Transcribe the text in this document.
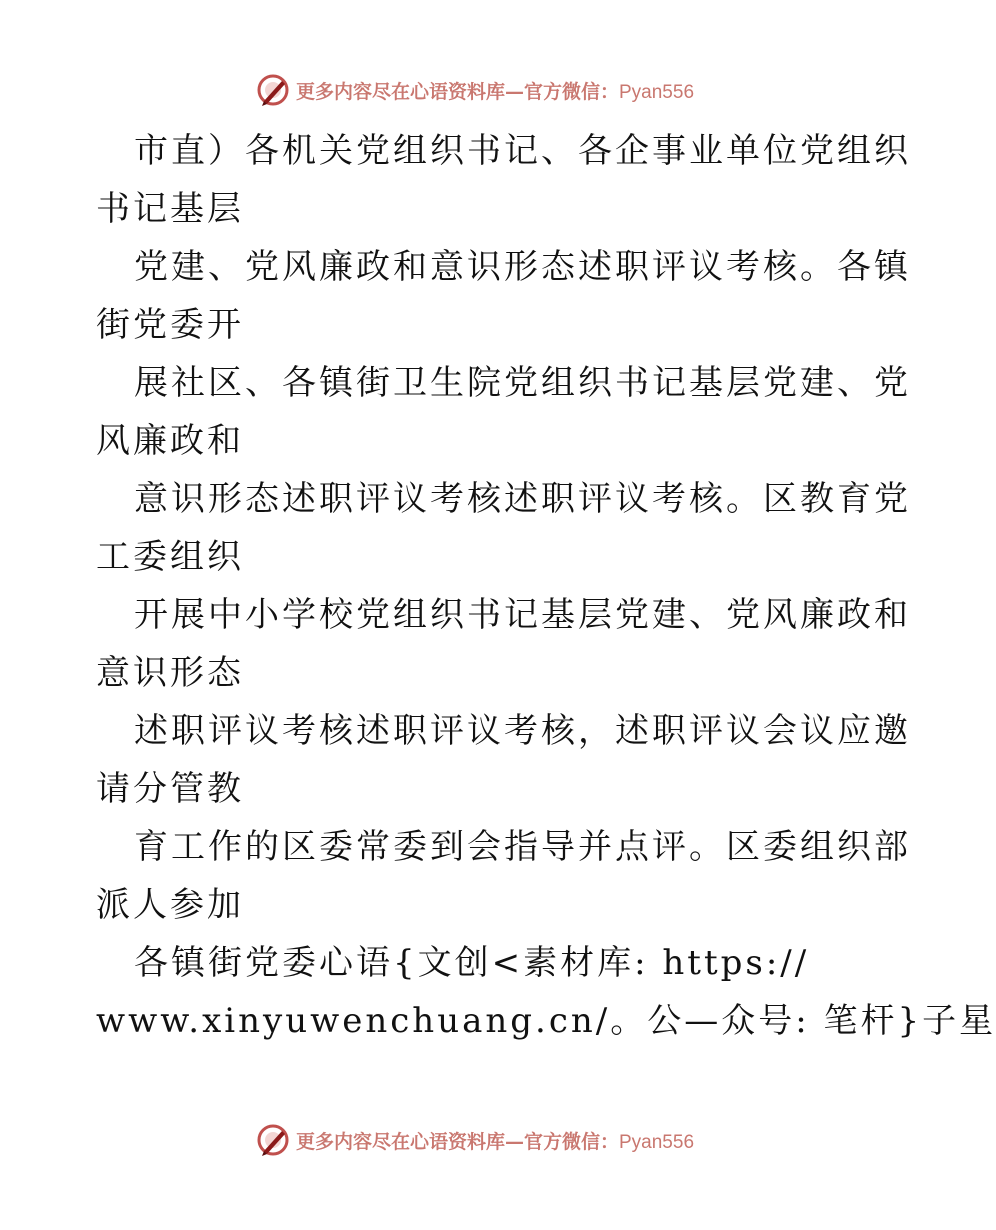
更多内容尽在心语资料库—官方微信：Pyan556
市直）各机关党组织书记、各企事业单位党组织
书记基层
党建、党风廉政和意识形态述职评议考核。各镇
街党委开
展社区、各镇街卫生院党组织书记基层党建、党
风廉政和
意识形态述职评议考核述职评议考核。区教育党
工委组织
开展中小学校党组织书记基层党建、党风廉政和
意识形态
述职评议考核述职评议考核，述职评议会议应邀
请分管教
育工作的区委常委到会指导并点评。区委组织部
派人参加
各镇街党委心语{文创<素材库: https://
www.xinyuwenchuang.cn/。公—众号: 笔杆}子星
更多内容尽在心语资料库—官方微信：Pyan556
